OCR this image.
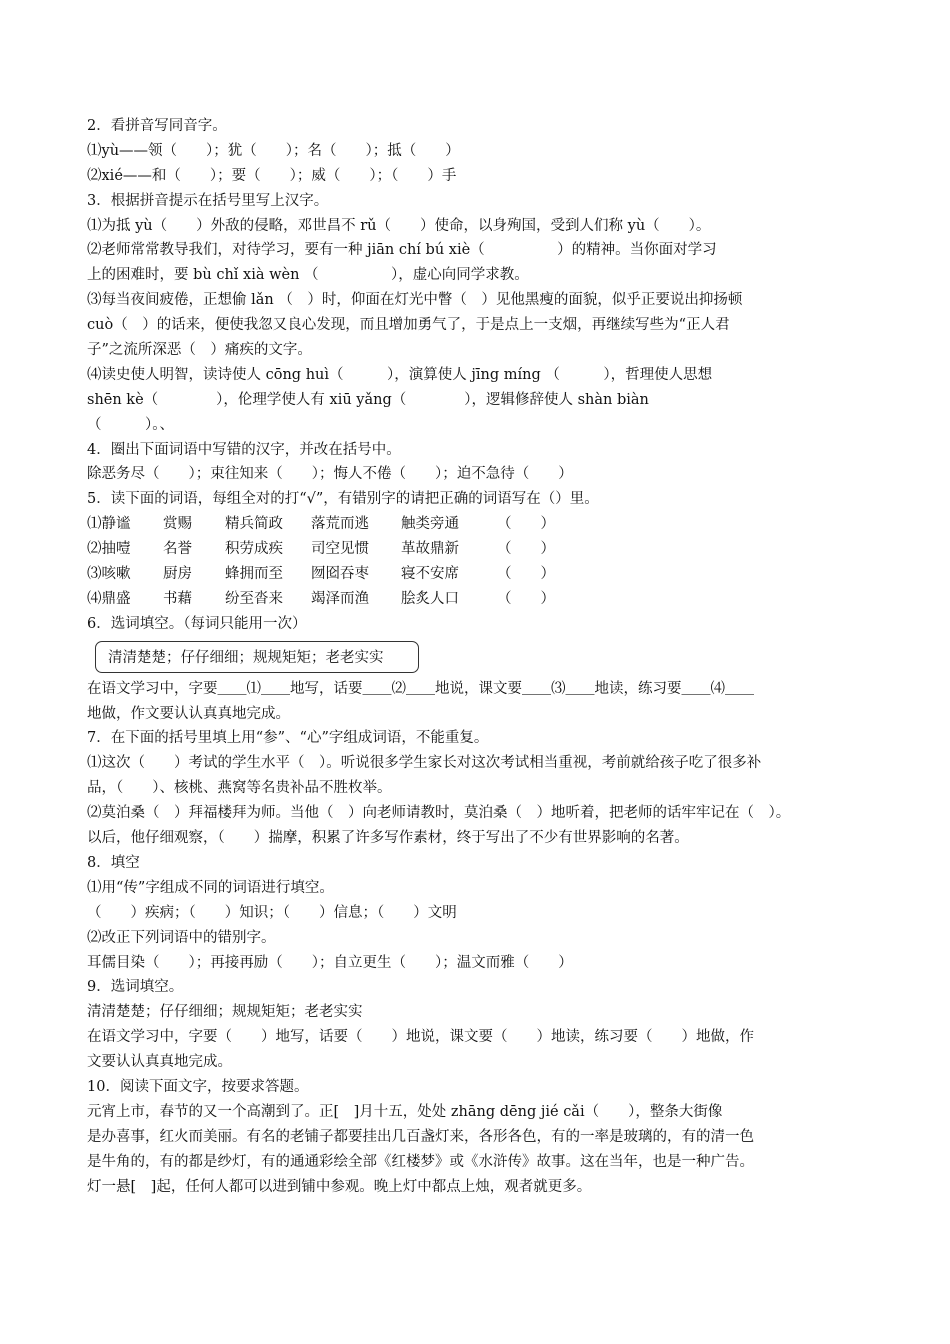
2．看拼音写同音字。
⑴yù——领（　　）；犹（　　）；名（　　）；抵（　　）
⑵xié——和（　　）；要（　　）；威（　　）；（　　）手
3．根据拼音提示在括号里写上汉字。
⑴为抵 yù（　　）外敌的侵略，邓世昌不 rǔ（　　）使命，以身殉国，受到人们称 yù（　　）。
⑵老师常常教导我们，对待学习，要有一种 jiān chí bú xiè（　　　　　）的精神。当你面对学习
上的困难时，要 bù chǐ xià wèn （　　　　　），虚心向同学求教。
⑶每当夜间疲倦，正想偷 lǎn （　）时，仰面在灯光中瞥（　）见他黑瘦的面貌，似乎正要说出抑扬顿
cuò（　）的话来，便使我忽又良心发现，而且增加勇气了，于是点上一支烟，再继续写些为“正人君
子”之流所深恶（　）痛疾的文字。
⑷读史使人明智，读诗使人 cōng huì（　　　），演算使人 jīng míng （　　　），哲理使人思想
shēn kè（　　　　），伦理学使人有 xiū yǎng（　　　　），逻辑修辞使人 shàn biàn
（　　　）。、
4．圈出下面词语中写错的汉字，并改在括号中。
除恶务尽（　　）；束往知来（　　）；悔人不倦（　　）；迫不急待（　　）
5．读下面的词语，每组全对的打“√”，有错别字的请把正确的词语写在（）里。
⑴静谧	赏赐	精兵简政	落荒而逃	触类旁通	（　　）
⑵抽噎	名誉	积劳成疾	司空见惯	革故鼎新	（　　）
⑶咳嗽	厨房	蜂拥而至	囫囵吞枣	寝不安席	（　　）
⑷鼎盛	书藉	纷至沓来	竭泽而渔	脍炙人口	（　　）
6．选词填空。（每词只能用一次）
清清楚楚；仔仔细细；规规矩矩；老老实实
在语文学习中，字要＿＿⑴＿＿地写，话要＿＿⑵＿＿地说，课文要＿＿⑶＿＿地读，练习要＿＿⑷＿＿
地做，作文要认认真真地完成。
7．在下面的括号里填上用“参”、“心”字组成词语，不能重复。
⑴这次（　　）考试的学生水平（　）。听说很多学生家长对这次考试相当重视，考前就给孩子吃了很多补
品，（　　）、核桃、燕窝等名贵补品不胜枚举。
⑵莫泊桑（　）拜福楼拜为师。当他（　）向老师请教时，莫泊桑（　）地听着，把老师的话牢牢记在（　）。
以后，他仔细观察，（　　）揣摩，积累了许多写作素材，终于写出了不少有世界影响的名著。
8．填空
⑴用“传”字组成不同的词语进行填空。
（　　）疾病；（　　）知识；（　　）信息；（　　）文明
⑵改正下列词语中的错别字。
耳儒目染（　　）；再接再励（　　）；自立更生（　　）；温文而雅（　　）
9．选词填空。
清清楚楚；仔仔细细；规规矩矩；老老实实
在语文学习中，字要（　　）地写，话要（　　）地说，课文要（　　）地读，练习要（　　）地做，作
文要认认真真地完成。
10．阅读下面文字，按要求答题。
元宵上市，春节的又一个高潮到了。正[　]月十五，处处 zhāng dēng jié cǎi（　　），整条大街像
是办喜事，红火而美丽。有名的老铺子都要挂出几百盏灯来，各形各色，有的一率是玻璃的，有的清一色
是牛角的，有的都是纱灯，有的通通彩绘全部《红楼梦》或《水浒传》故事。这在当年，也是一种广告。
灯一悬[　]起，任何人都可以进到铺中参观。晚上灯中都点上烛，观者就更多。
